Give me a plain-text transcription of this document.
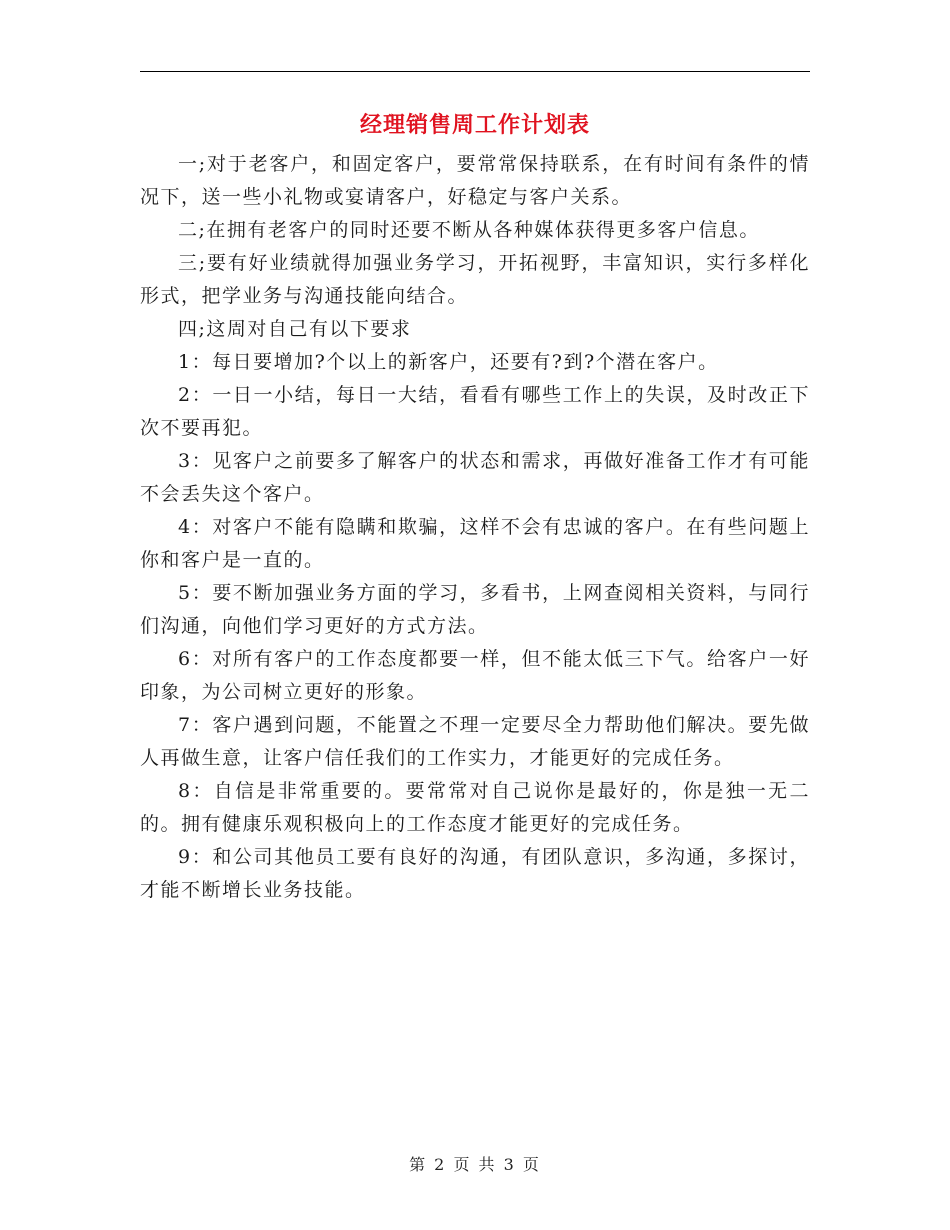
经理销售周工作计划表

一;对于老客户，和固定客户，要常常保持联系，在有时间有条件的情况下，送一些小礼物或宴请客户，好稳定与客户关系。

二;在拥有老客户的同时还要不断从各种媒体获得更多客户信息。

三;要有好业绩就得加强业务学习，开拓视野，丰富知识，实行多样化形式，把学业务与沟通技能向结合。

四;这周对自己有以下要求

1：每日要增加?个以上的新客户，还要有?到?个潜在客户。

2：一日一小结，每日一大结，看看有哪些工作上的失误，及时改正下次不要再犯。

3：见客户之前要多了解客户的状态和需求，再做好准备工作才有可能不会丢失这个客户。

4：对客户不能有隐瞒和欺骗，这样不会有忠诚的客户。在有些问题上你和客户是一直的。

5：要不断加强业务方面的学习，多看书，上网查阅相关资料，与同行们沟通，向他们学习更好的方式方法。

6：对所有客户的工作态度都要一样，但不能太低三下气。给客户一好印象，为公司树立更好的形象。

7：客户遇到问题，不能置之不理一定要尽全力帮助他们解决。要先做人再做生意，让客户信任我们的工作实力，才能更好的完成任务。

8：自信是非常重要的。要常常对自己说你是最好的，你是独一无二的。拥有健康乐观积极向上的工作态度才能更好的完成任务。

9：和公司其他员工要有良好的沟通，有团队意识，多沟通，多探讨，才能不断增长业务技能。

第 2 页 共 3 页
